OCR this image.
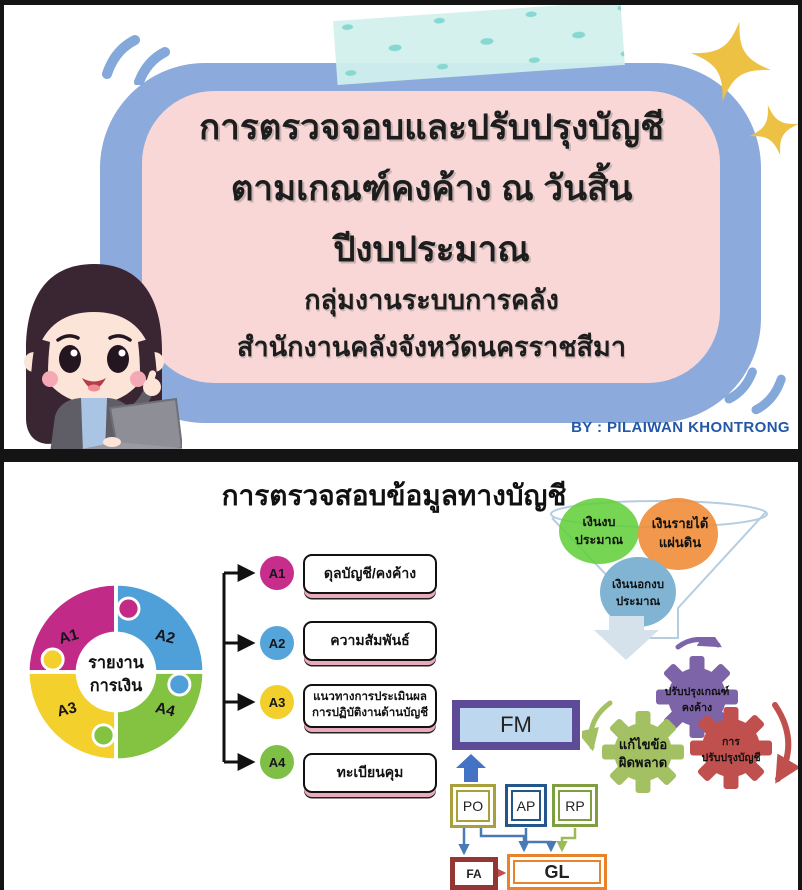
การตรวจจอบและปรับปรุงบัญชี
ตามเกณฑ์คงค้าง ณ วันสิ้นปีงบประมาณ
กลุ่มงานระบบการคลัง
สำนักงานคลังจังหวัดนครราชสีมา
BY : PILAIWAN KHONTRONG
การตรวจสอบข้อมูลทางบัญชี
A1	A2
A3	A4
รายงาน
การเงิน
A1
A2
A3
A4
ดุลบัญชี/คงค้าง
ความสัมพันธ์
แนวทางการประเมินผล
การปฏิบัติงานด้านบัญชี
ทะเบียนคุม
เงินงบ
ประมาณ
เงินรายได้
แผ่นดิน
เงินนอกงบ
ประมาณ
ปรับปรุงเกณฑ์
คงค้าง
แก้ไขข้อ
ผิดพลาด
การ
ปรับปรุงบัญชี
FM
PO	AP	RP
FA	GL
